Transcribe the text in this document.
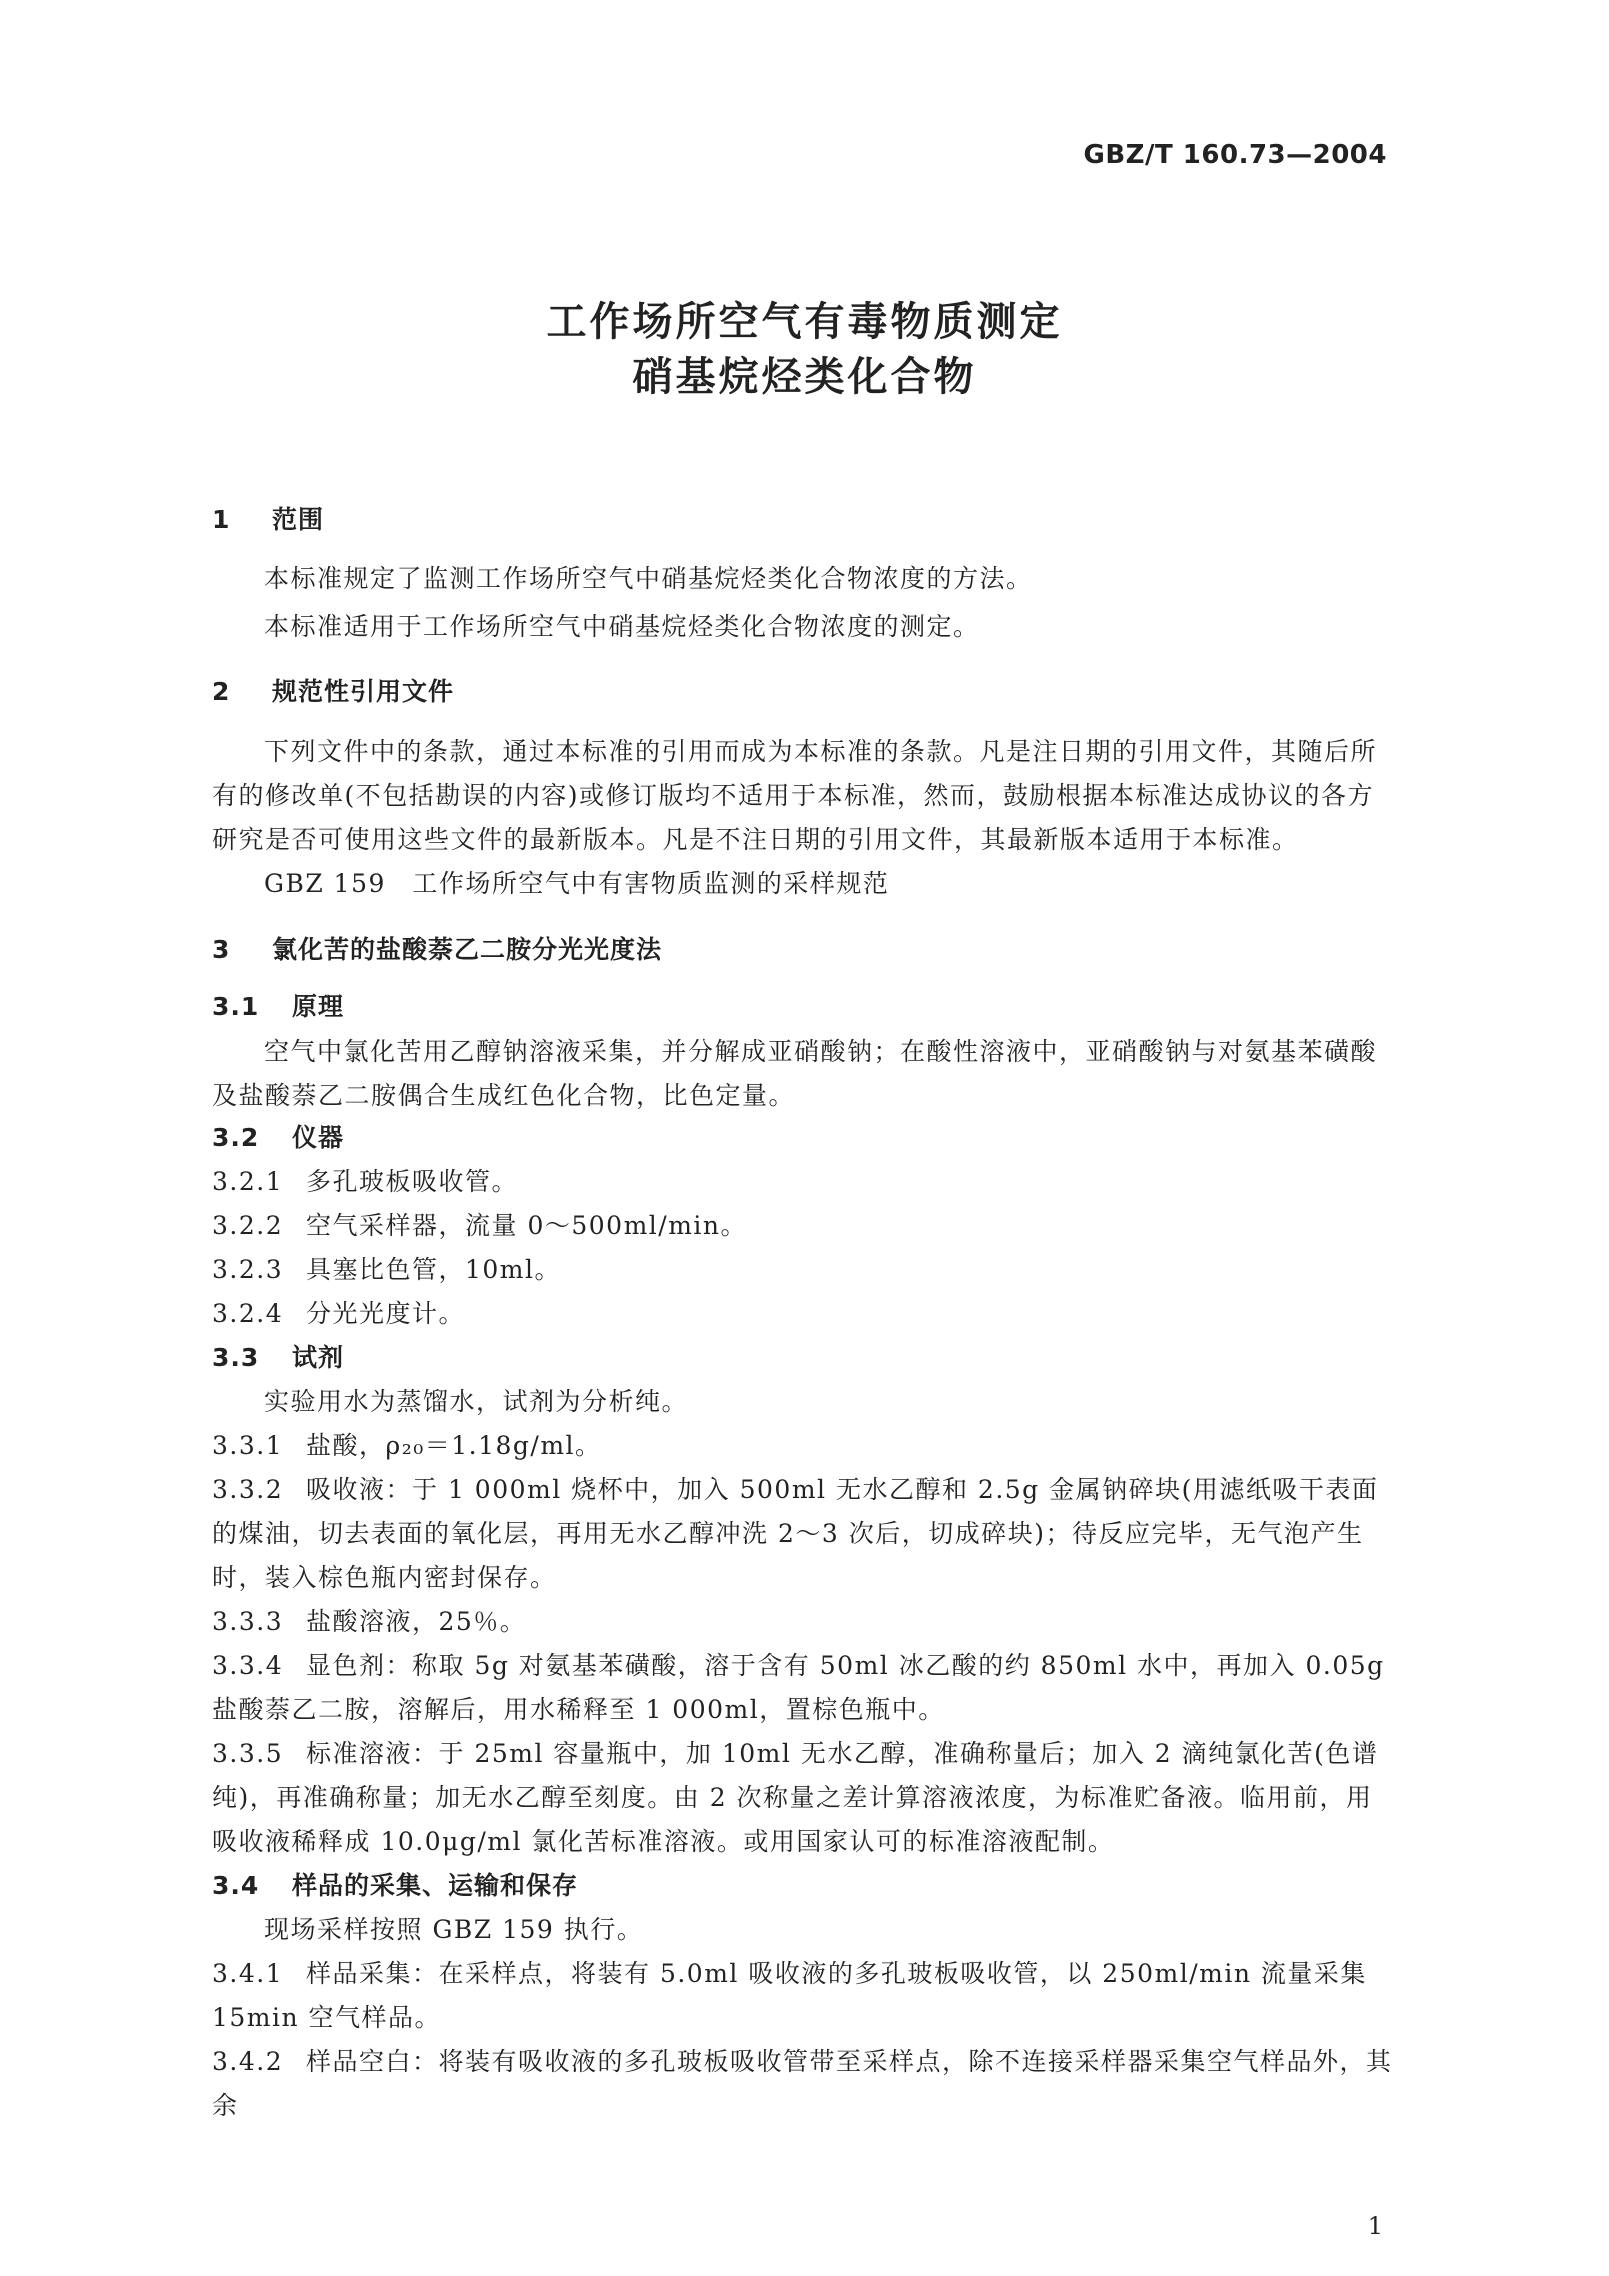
GBZ/T 160.73—2004
工作场所空气有毒物质测定
硝基烷烃类化合物
1 范围
本标准规定了监测工作场所空气中硝基烷烃类化合物浓度的方法。
本标准适用于工作场所空气中硝基烷烃类化合物浓度的测定。
2 规范性引用文件
下列文件中的条款，通过本标准的引用而成为本标准的条款。凡是注日期的引用文件，其随后所有的修改单(不包括勘误的内容)或修订版均不适用于本标准，然而，鼓励根据本标准达成协议的各方研究是否可使用这些文件的最新版本。凡是不注日期的引用文件，其最新版本适用于本标准。
GBZ 159　工作场所空气中有害物质监测的采样规范
3 氯化苦的盐酸萘乙二胺分光光度法
3.1 原理
空气中氯化苦用乙醇钠溶液采集，并分解成亚硝酸钠；在酸性溶液中，亚硝酸钠与对氨基苯磺酸及盐酸萘乙二胺偶合生成红色化合物，比色定量。
3.2 仪器
3.2.1 多孔玻板吸收管。
3.2.2 空气采样器，流量 0～500ml/min。
3.2.3 具塞比色管，10ml。
3.2.4 分光光度计。
3.3 试剂
实验用水为蒸馏水，试剂为分析纯。
3.3.1 盐酸，ρ₂₀＝1.18g/ml。
3.3.2 吸收液：于 1 000ml 烧杯中，加入 500ml 无水乙醇和 2.5g 金属钠碎块(用滤纸吸干表面的煤油，切去表面的氧化层，再用无水乙醇冲洗 2～3 次后，切成碎块)；待反应完毕，无气泡产生时，装入棕色瓶内密封保存。
3.3.3 盐酸溶液，25％。
3.3.4 显色剂：称取 5g 对氨基苯磺酸，溶于含有 50ml 冰乙酸的约 850ml 水中，再加入 0.05g 盐酸萘乙二胺，溶解后，用水稀释至 1 000ml，置棕色瓶中。
3.3.5 标准溶液：于 25ml 容量瓶中，加 10ml 无水乙醇，准确称量后；加入 2 滴纯氯化苦(色谱纯)，再准确称量；加无水乙醇至刻度。由 2 次称量之差计算溶液浓度，为标准贮备液。临用前，用吸收液稀释成 10.0μg/ml 氯化苦标准溶液。或用国家认可的标准溶液配制。
3.4 样品的采集、运输和保存
现场采样按照 GBZ 159 执行。
3.4.1 样品采集：在采样点，将装有 5.0ml 吸收液的多孔玻板吸收管，以 250ml/min 流量采集 15min 空气样品。
3.4.2 样品空白：将装有吸收液的多孔玻板吸收管带至采样点，除不连接采样器采集空气样品外，其余
1
